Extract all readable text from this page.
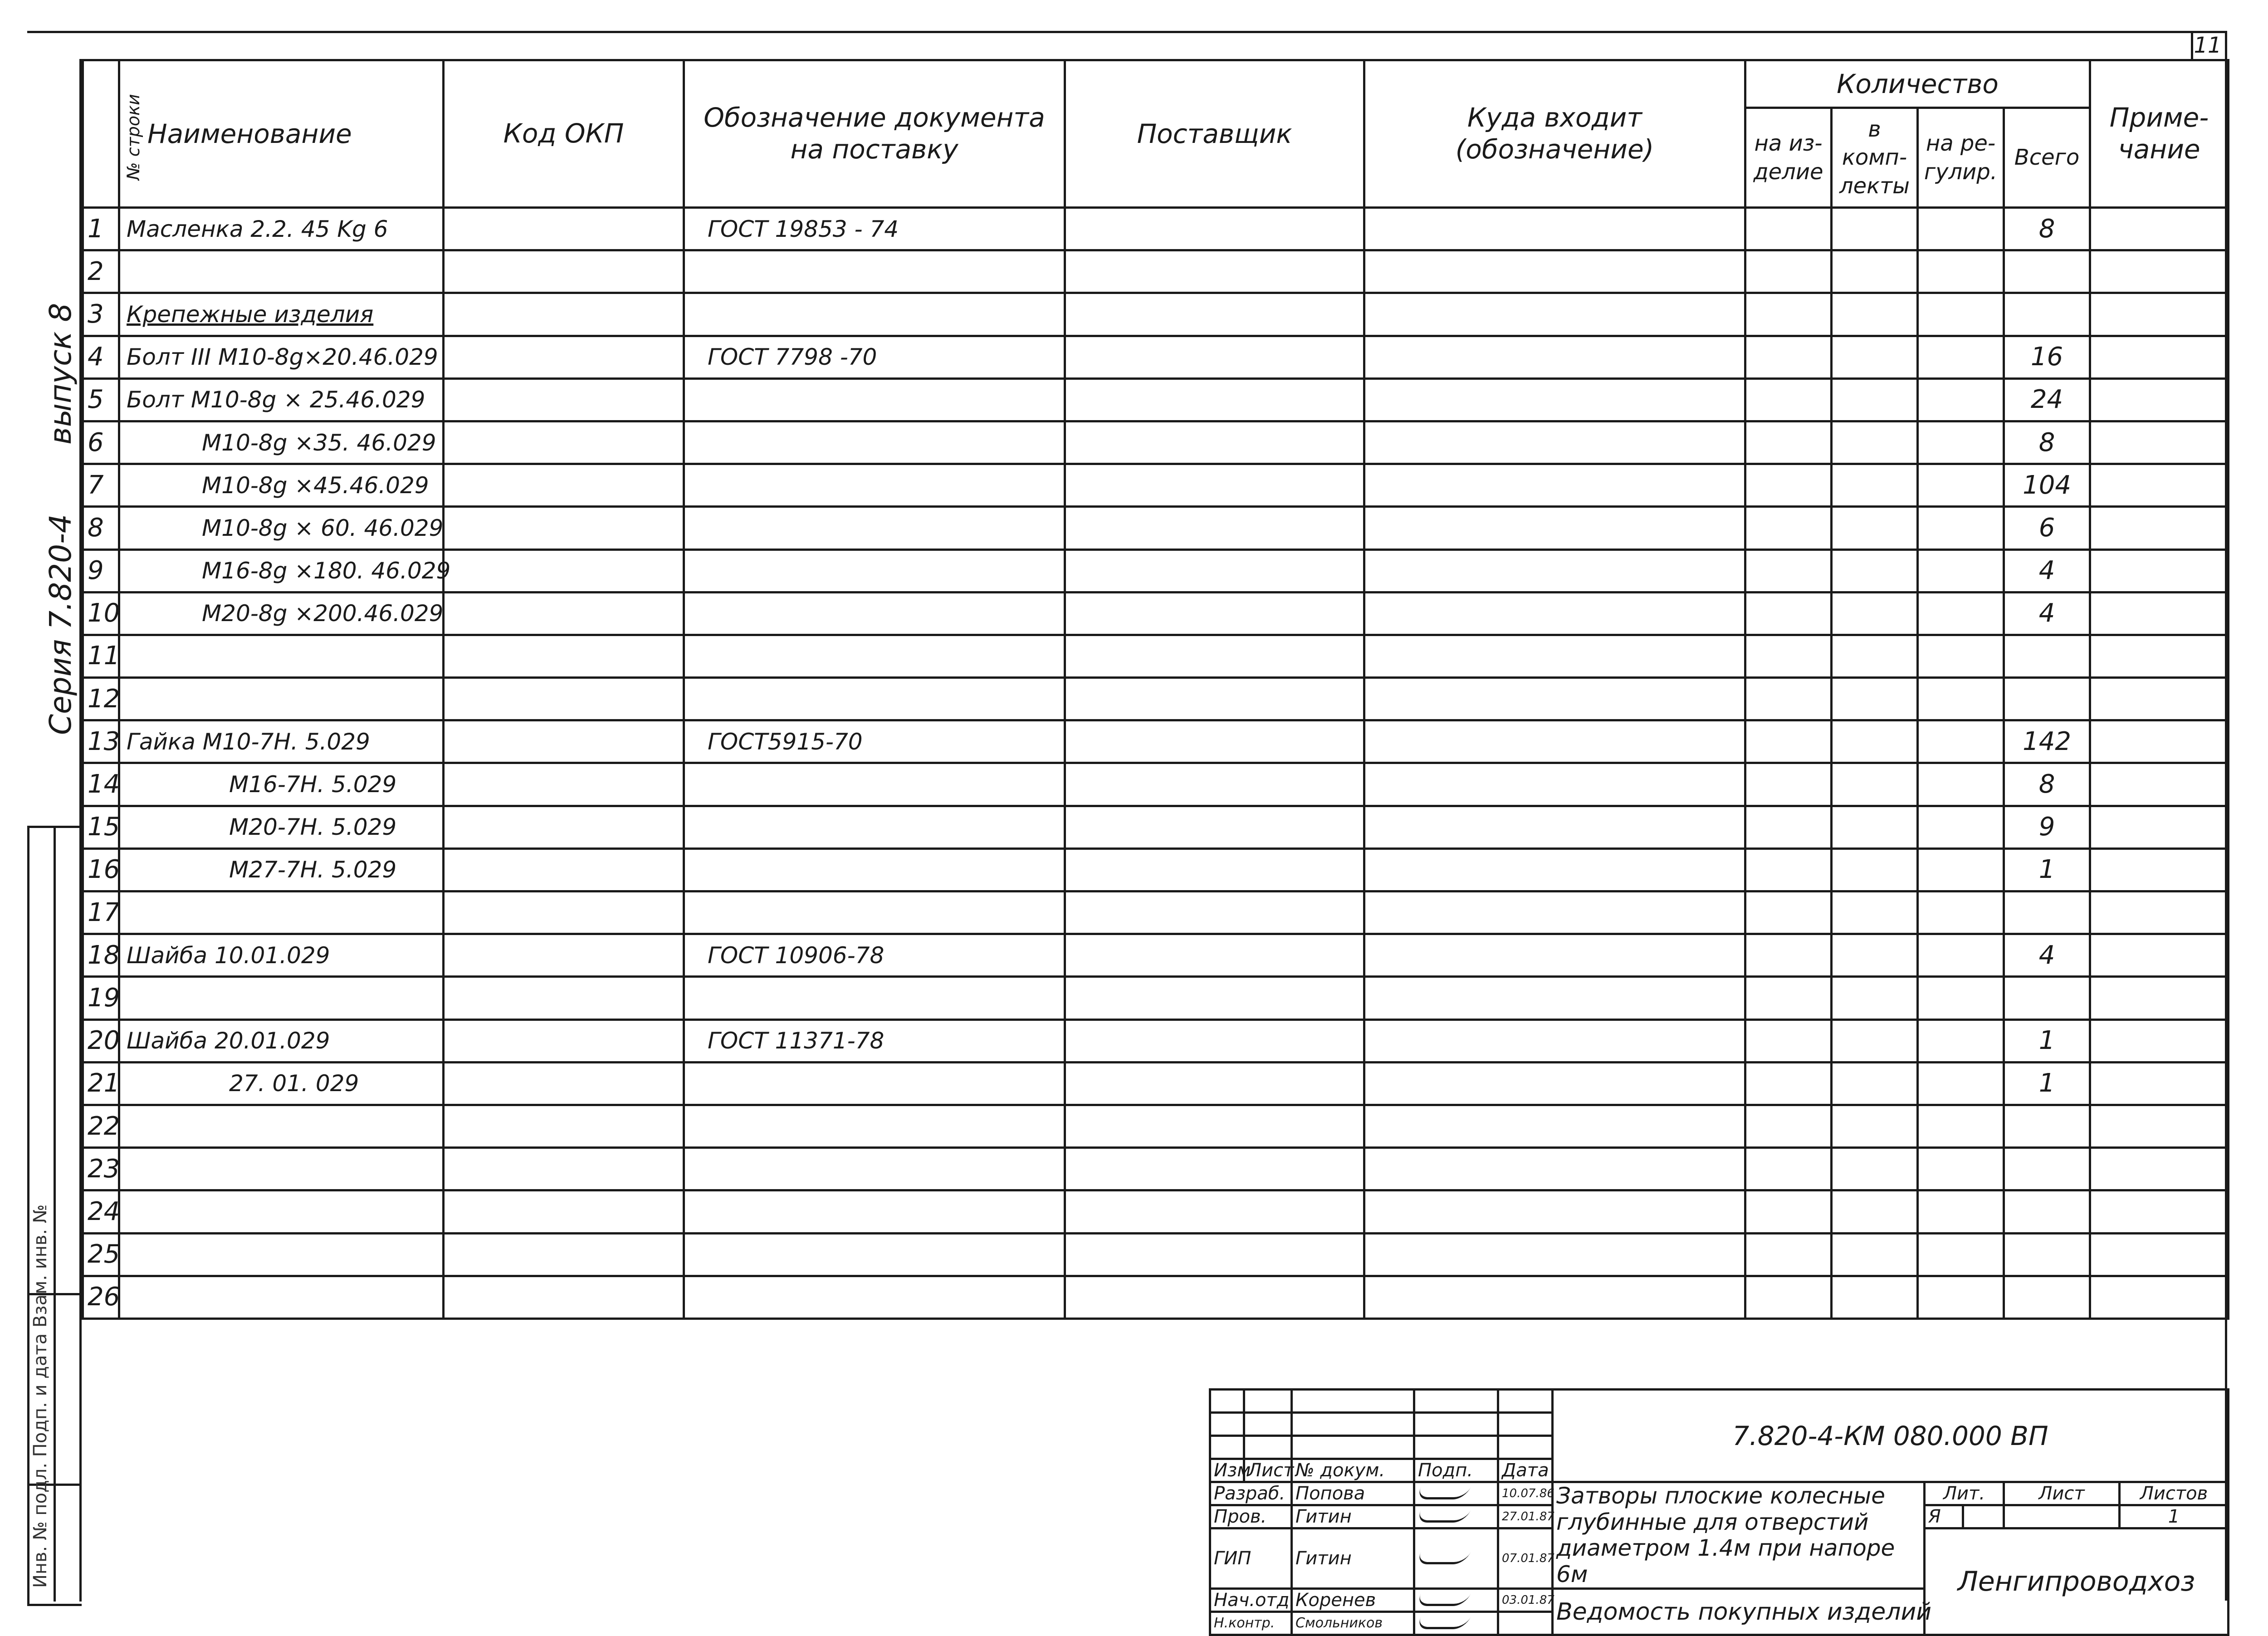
11
Серия 7.820-4
выпуск 8
Инв. № подл. Подп. и дата Взам. инв. №
№ строки	Наименование	Код ОКП	Обозначение документа на поставку	Поставщик	Куда входит (обозначение)	Количество				Приме-чание
						на из-делие	в комп-лекты	на ре-гулир.	Всего	
1	Масленка 2.2. 45 Kg 6		ГОСТ 19853 - 74						8	
2										
3	Крепежные изделия									
4	Болт III М10-8g×20.46.029		ГОСТ 7798 -70						16	
5	Болт М10-8g × 25.46.029								24	
6	М10-8g ×35. 46.029								8	
7	М10-8g ×45.46.029								104	
8	М10-8g × 60. 46.029								6	
9	М16-8g ×180. 46.029								4	
10	М20-8g ×200.46.029								4	
11										
12										
13	Гайка М10-7Н. 5.029		ГОСТ5915-70						142	
14	М16-7Н. 5.029								8	
15	М20-7Н. 5.029								9	
16	М27-7Н. 5.029								1	
17										
18	Шайба 10.01.029		ГОСТ 10906-78						4	
19										
20	Шайба 20.01.029		ГОСТ 11371-78						1	
21	27. 01. 029								1	
22										
23										
24										
25										
26										
					7.820-4-КМ 080.000 ВП				

Изм	Лист	№ докум.	Подп.	Дата					
Разраб.		Попова		10.07.86	Затворы плоские колесные
глубинные для отверстий
диаметром 1.4м при напоре 6м	Лит.		Лист	Листов
Пров.		Гитин		27.01.87		Я			1
ГИП		Гитин		07.01.87		Ленгипроводхоз			
Нач.отд.		Коренев		03.01.87	Ведомость покупных изделий				
Н.контр.		Смольников							
